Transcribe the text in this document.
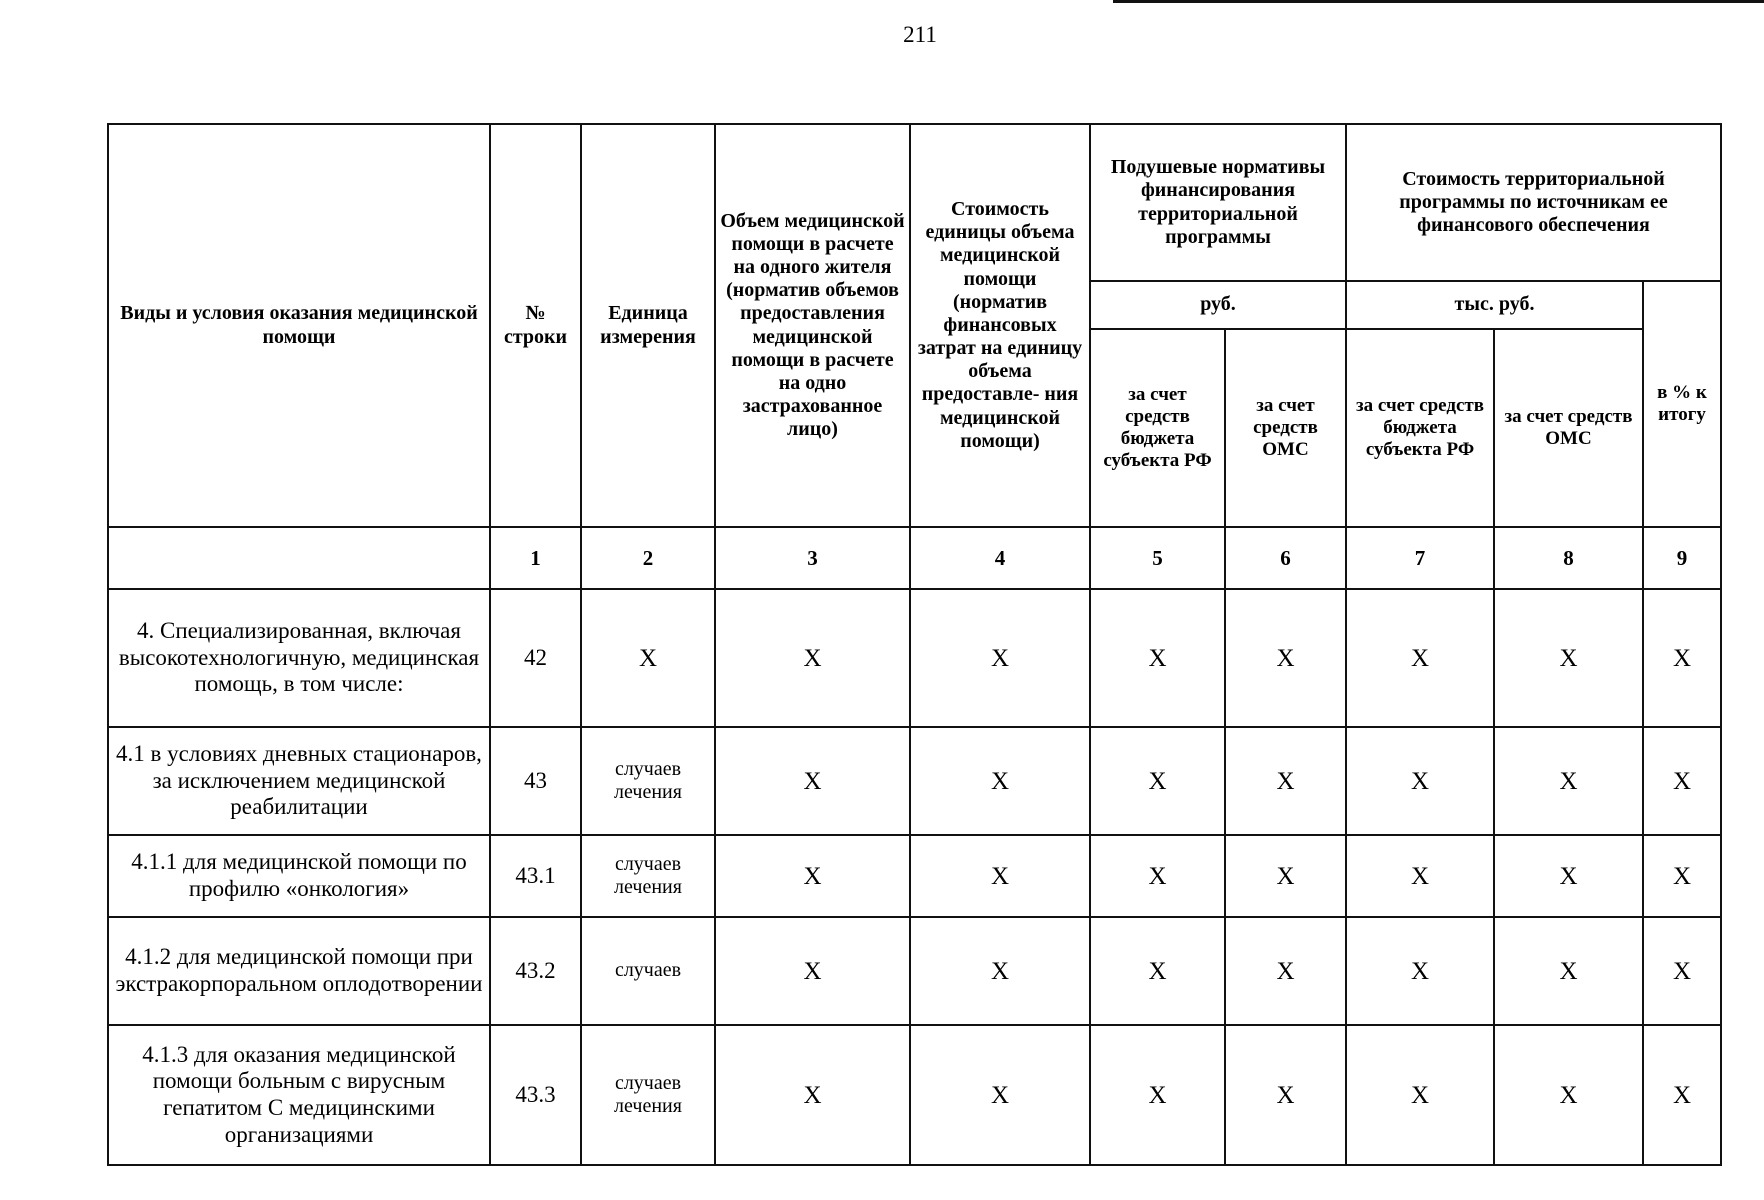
211
Виды и условия оказания медицинской помощи	№ строки	Единица измерения	Объем медицинской помощи в расчете на одного жителя (норматив объемов предоставления медицинской помощи в расчете на одно застрахованное лицо)	Стоимость единицы объема медицинской помощи (норматив финансовых затрат на единицу объема предоставле- ния медицинской помощи)	Подушевые нормативы финансирования территориальной программы		Стоимость территориальной программы по источникам ее финансового обеспечения		
					руб.		тыс. руб.		в % к итогу
					за счет средств бюджета субъекта РФ	за счет средств ОМС	за счет средств бюджета субъекта РФ	за счет средств ОМС	
	1	2	3	4	5	6	7	8	9
4. Специализированная, включая высокотехнологичную, медицинская помощь, в том числе:	42	X	X	X	X	X	X	X	X
4.1 в условиях дневных стационаров, за исключением медицинской реабилитации	43	случаев лечения	X	X	X	X	X	X	X
4.1.1 для медицинской помощи по профилю «онкология»	43.1	случаев лечения	X	X	X	X	X	X	X
4.1.2 для медицинской помощи при экстракорпоральном оплодотворении	43.2	случаев	X	X	X	X	X	X	X
4.1.3 для оказания медицинской помощи больным с вирусным гепатитом С медицинскими организациями	43.3	случаев лечения	X	X	X	X	X	X	X
